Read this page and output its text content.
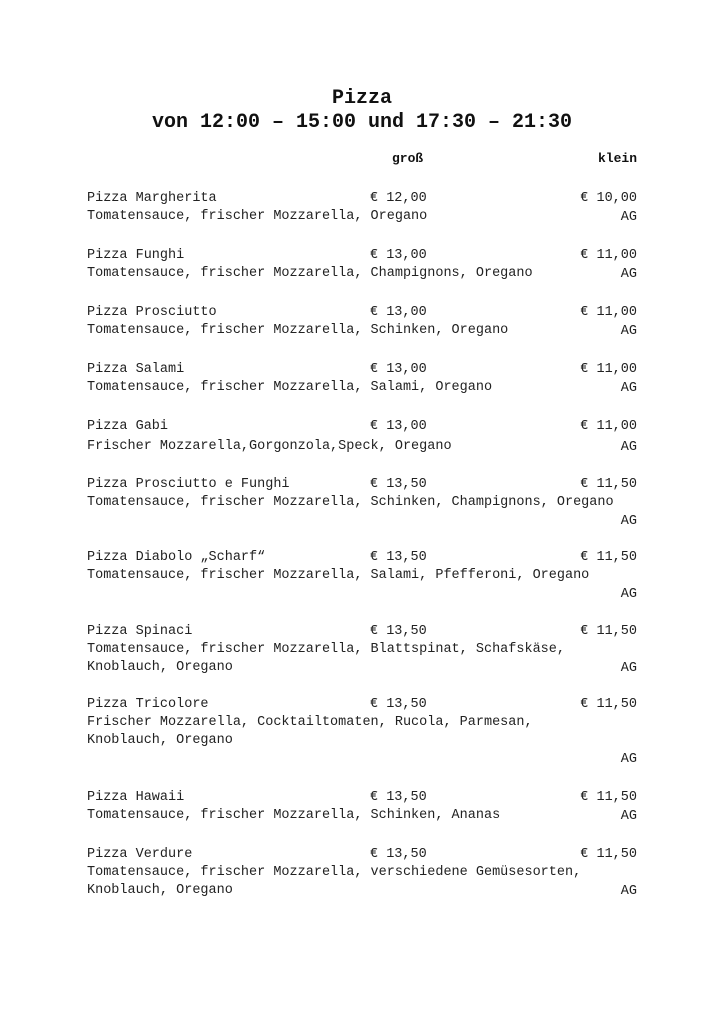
Pizza
von 12:00 – 15:00 und 17:30 – 21:30
groß	klein
Pizza Margherita	€ 12,00	€ 10,00
Tomatensauce, frischer Mozzarella, Oregano	AG
Pizza Funghi	€ 13,00	€ 11,00
Tomatensauce, frischer Mozzarella, Champignons, Oregano	AG
Pizza Prosciutto	€ 13,00	€ 11,00
Tomatensauce, frischer Mozzarella, Schinken, Oregano	AG
Pizza Salami	€ 13,00	€ 11,00
Tomatensauce, frischer Mozzarella, Salami, Oregano	AG
Pizza Gabi	€ 13,00	€ 11,00
Frischer Mozzarella,Gorgonzola,Speck, Oregano	AG
Pizza Prosciutto e Funghi	€ 13,50	€ 11,50
Tomatensauce, frischer Mozzarella, Schinken, Champignons, Oregano
AG
Pizza Diabolo „Scharf“	€ 13,50	€ 11,50
Tomatensauce, frischer Mozzarella, Salami, Pfefferoni, Oregano
AG
Pizza Spinaci	€ 13,50	€ 11,50
Tomatensauce, frischer Mozzarella, Blattspinat, Schafskäse, Knoblauch, Oregano	AG
Pizza Tricolore	€ 13,50	€ 11,50
Frischer Mozzarella, Cocktailtomaten, Rucola, Parmesan, Knoblauch, Oregano
AG
Pizza Hawaii	€ 13,50	€ 11,50
Tomatensauce, frischer Mozzarella, Schinken, Ananas	AG
Pizza Verdure	€ 13,50	€ 11,50
Tomatensauce, frischer Mozzarella, verschiedene Gemüsesorten, Knoblauch, Oregano	AG
